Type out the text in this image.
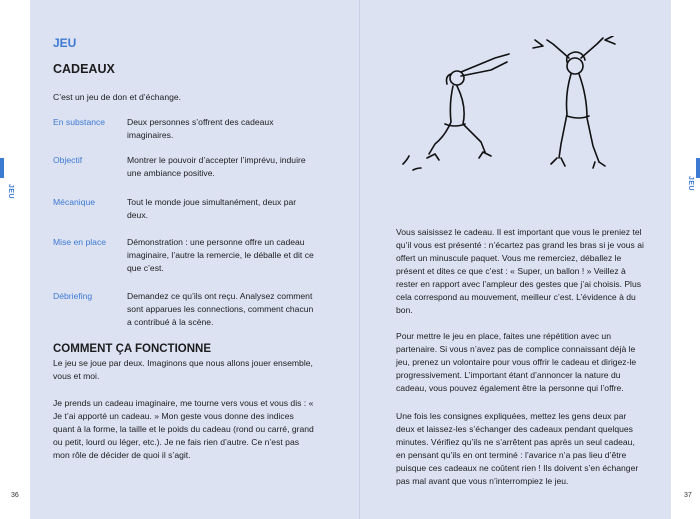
JEU
JEU
36	37
JEU
CADEAUX
C’est un jeu de don et d’échange.
En substance	Deux personnes s’offrent des cadeaux imaginaires.
Objectif	Montrer le pouvoir d’accepter l’imprévu, induire une ambiance positive.
Mécanique	Tout le monde joue simultanément, deux par deux.
Mise en place	Démonstration : une personne offre un cadeau imaginaire, l’autre la remercie, le déballe et dit ce que c’est.
Débriefing	Demandez ce qu’ils ont reçu. Analysez comment sont apparues les connections, comment chacun a contribué à la scène.
COMMENT ÇA FONCTIONNE
Le jeu se joue par deux. Imaginons que nous allons jouer ensemble, vous et moi.
Je prends un cadeau imaginaire, me tourne vers vous et vous dis : « Je t’ai apporté un cadeau. » Mon geste vous donne des indices quant à la forme, la taille et le poids du cadeau (rond ou carré, grand ou petit, lourd ou léger, etc.). Je ne fais rien d’autre. Ce n’est pas mon rôle de décider de quoi il s’agit.
Vous saisissez le cadeau. Il est important que vous le preniez tel qu’il vous est présenté : n’écartez pas grand les bras si je vous ai offert un minuscule paquet. Vous me remerciez, déballez le présent et dites ce que c’est : « Super, un ballon ! » Veillez à rester en rapport avec l’ampleur des gestes que j’ai choisis. Plus cela correspond au mouvement, meilleur c’est. L’évidence à du bon.
Pour mettre le jeu en place, faites une répétition avec un partenaire. Si vous n’avez pas de complice connaissant déjà le jeu, prenez un volontaire pour vous offrir le cadeau et dirigez-le progressivement. L’important étant d’annoncer la nature du cadeau, vous pouvez également être la personne qui l’offre.
Une fois les consignes expliquées, mettez les gens deux par deux et laissez-les s’échanger des cadeaux pendant quelques minutes. Vérifiez qu’ils ne s’arrêtent pas après un seul cadeau, en pensant qu’ils en ont terminé : l’avarice n’a pas lieu d’être puisque ces cadeaux ne coûtent rien ! Ils doivent s’en échanger pas mal avant que vous n’interrompiez le jeu.
